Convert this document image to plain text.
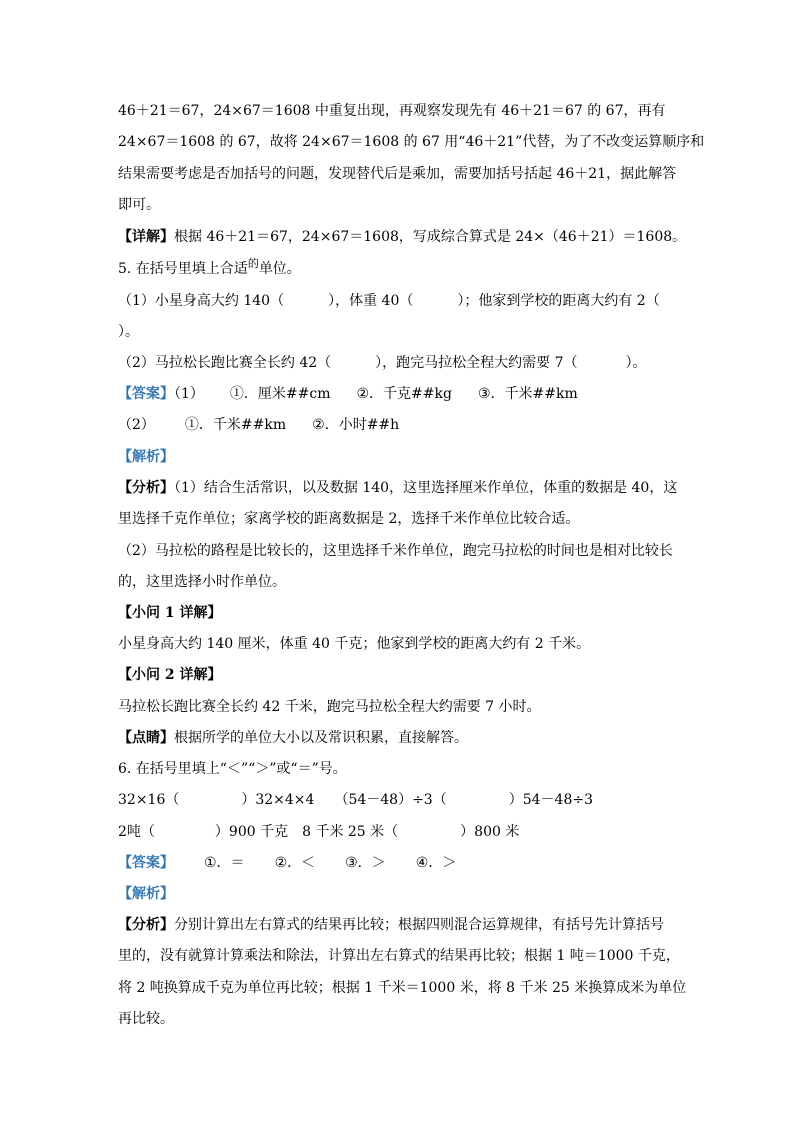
46＋21＝67，24×67＝1608 中重复出现，再观察发现先有 46＋21＝67 的 67，再有
24×67＝1608 的 67，故将 24×67＝1608 的 67 用“46＋21”代替，为了不改变运算顺序和
结果需要考虑是否加括号的问题，发现替代后是乘加，需要加括号括起 46＋21，据此解答
即可。
【详解】根据 46＋21＝67，24×67＝1608，写成综合算式是 24×（46＋21）＝1608。
5. 在括号里填上合适$^的$单位。
（1）小星身高大约 140（	），体重 40（	）；他家到学校的距离大约有 2（
）。
（2）马拉松长跑比赛全长约 42（	），跑完马拉松全程大约需要 7（	）。
【答案】（1） ①．厘米##cm ②．千克##kg ③．千米##km
（2） ①．千米##km ②．小时##h
【解析】
【分析】（1）结合生活常识，以及数据 140，这里选择厘米作单位，体重的数据是 40，这
里选择千克作单位；家离学校的距离数据是 2，选择千米作单位比较合适。
（2）马拉松的路程是比较长的，这里选择千米作单位，跑完马拉松的时间也是相对比较长
的，这里选择小时作单位。
【小问 1 详解】
小星身高大约 140 厘米，体重 40 千克；他家到学校的距离大约有 2 千米。
【小问 2 详解】
马拉松长跑比赛全长约 42 千米，跑完马拉松全程大约需要 7 小时。
【点睛】根据所学的单位大小以及常识积累，直接解答。
6. 在括号里填上“＜”“＞”或“＝”号。
32×16（	）32×4×4 （54－48）÷3（	）54－48÷3
2吨（	）900 千克 8 千米 25 米（	）800 米
【答案】 ①．＝ ②．＜ ③．＞ ④．＞
【解析】
【分析】分别计算出左右算式的结果再比较；根据四则混合运算规律，有括号先计算括号
里的，没有就算计算乘法和除法，计算出左右算式的结果再比较；根据 1 吨＝1000 千克，
将 2 吨换算成千克为单位再比较；根据 1 千米＝1000 米，将 8 千米 25 米换算成米为单位
再比较。
